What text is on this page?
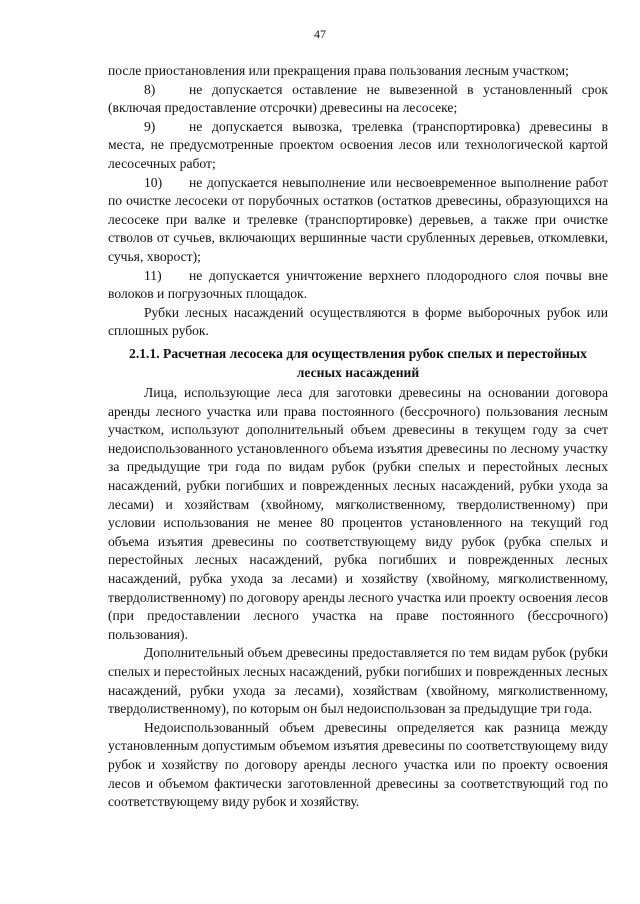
47

после приостановления или прекращения права пользования лесным участком;

8) не допускается оставление не вывезенной в установленный срок (включая предоставление отсрочки) древесины на лесосеке;

9) не допускается вывозка, трелевка (транспортировка) древесины в места, не предусмотренные проектом освоения лесов или технологической картой лесосечных работ;

10) не допускается невыполнение или несвоевременное выполнение работ по очистке лесосеки от порубочных остатков (остатков древесины, образующихся на лесосеке при валке и трелевке (транспортировке) деревьев, а также при очистке стволов от сучьев, включающих вершинные части срубленных деревьев, откомлевки, сучья, хворост);

11) не допускается уничтожение верхнего плодородного слоя почвы вне волоков и погрузочных площадок.

Рубки лесных насаждений осуществляются в форме выборочных рубок или сплошных рубок.

2.1.1. Расчетная лесосека для осуществления рубок спелых и перестойных лесных насаждений

Лица, использующие леса для заготовки древесины на основании договора аренды лесного участка или права постоянного (бессрочного) пользования лесным участком, используют дополнительный объем древесины в текущем году за счет недоиспользованного установленного объема изъятия древесины по лесному участку за предыдущие три года по видам рубок (рубки спелых и перестойных лесных насаждений, рубки погибших и поврежденных лесных насаждений, рубки ухода за лесами) и хозяйствам (хвойному, мягколиственному, твердолиственному) при условии использования не менее 80 процентов установленного на текущий год объема изъятия древесины по соответствующему виду рубок (рубка спелых и перестойных лесных насаждений, рубка погибших и поврежденных лесных насаждений, рубка ухода за лесами) и хозяйству (хвойному, мягколиственному, твердолиственному) по договору аренды лесного участка или проекту освоения лесов (при предоставлении лесного участка на праве постоянного (бессрочного) пользования).

Дополнительный объем древесины предоставляется по тем видам рубок (рубки спелых и перестойных лесных насаждений, рубки погибших и поврежденных лесных насаждений, рубки ухода за лесами), хозяйствам (хвойному, мягколиственному, твердолиственному), по которым он был недоиспользован за предыдущие три года.

Недоиспользованный объем древесины определяется как разница между установленным допустимым объемом изъятия древесины по соответствующему виду рубок и хозяйству по договору аренды лесного участка или по проекту освоения лесов и объемом фактически заготовленной древесины за соответствующий год по соответствующему виду рубок и хозяйству.
